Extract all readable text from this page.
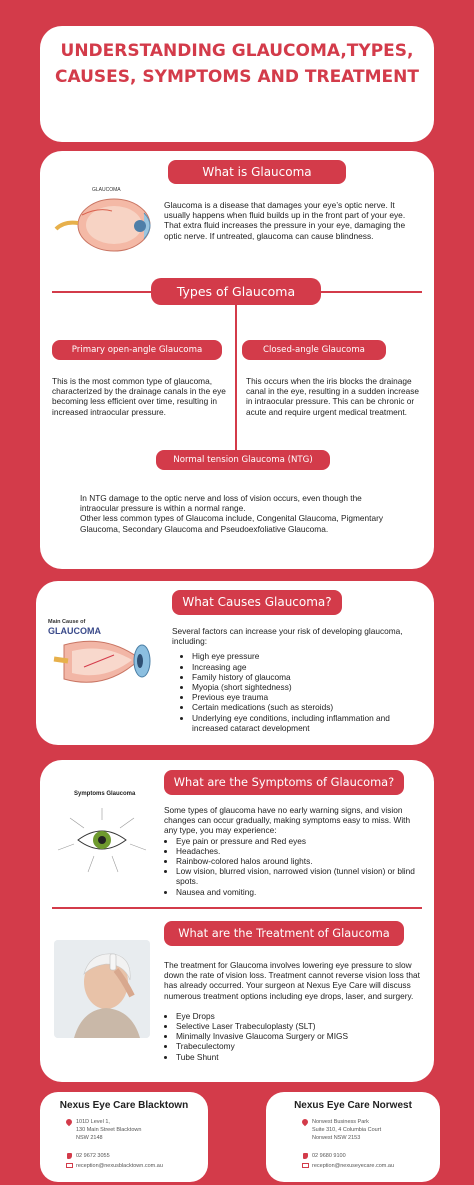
UNDERSTANDING GLAUCOMA,TYPES, CAUSES, SYMPTOMS AND TREATMENT
What is Glaucoma
GLAUCOMA
Glaucoma is a disease that damages your eye’s optic nerve. It usually happens when fluid builds up in the front part of your eye. That extra fluid increases the pressure in your eye, damaging the optic nerve. If untreated, glaucoma can cause blindness.
Types of Glaucoma
Primary open-angle Glaucoma
This is the most common type of glaucoma, characterized by the drainage canals in the eye becoming less efficient over time, resulting in increased intraocular pressure.
Closed-angle Glaucoma
This occurs when the iris blocks the drainage canal in the eye, resulting in a sudden increase in intraocular pressure. This can be chronic or acute and require urgent medical treatment.
Normal tension Glaucoma (NTG)
In NTG damage to the optic nerve and loss of vision occurs, even though the intraocular pressure is within a normal range.
Other less common types of Glaucoma include, Congenital Glaucoma, Pigmentary Glaucoma, Secondary Glaucoma and Pseudoexfoliative Glaucoma.
What Causes Glaucoma?
Main Cause of
GLAUCOMA	Several factors can increase your risk of developing glaucoma, including:
• High eye pressure
• Increasing age
• Family history of glaucoma
• Myopia (short sightedness)
• Previous eye trauma
• Certain medications (such as steroids)
• Underlying eye conditions, including inflammation and increased cataract development
What are the Symptoms of Glaucoma?
Symptoms Glaucoma
Some types of glaucoma have no early warning signs, and vision changes can occur gradually, making symptoms easy to miss. With any type, you may experience:
• Eye pain or pressure and Red eyes
• Headaches.
• Rainbow-colored halos around lights.
• Low vision, blurred vision, narrowed vision (tunnel vision) or blind spots.
• Nausea and vomiting.
What are the Treatment of Glaucoma
The treatment for Glaucoma involves lowering eye pressure to slow down the rate of vision loss. Treatment cannot reverse vision loss that has already occurred. Your surgeon at Nexus Eye Care will discuss numerous treatment options including eye drops, laser, and surgery.
• Eye Drops
• Selective Laser Trabeculoplasty (SLT)
• Minimally Invasive Glaucoma Surgery or MIGS
• Trabeculectomy
• Tube Shunt
Nexus Eye Care Blacktown
101D Level 1,
130 Main Street Blacktown
NSW 2148
02 9672 3055
reception@nexusblacktown.com.au
Nexus Eye Care Norwest
Norwest Business Park
Suite 310, 4 Columbia Court
Norwest NSW 2153
02 9680 9100
reception@nexuseyecare.com.au
